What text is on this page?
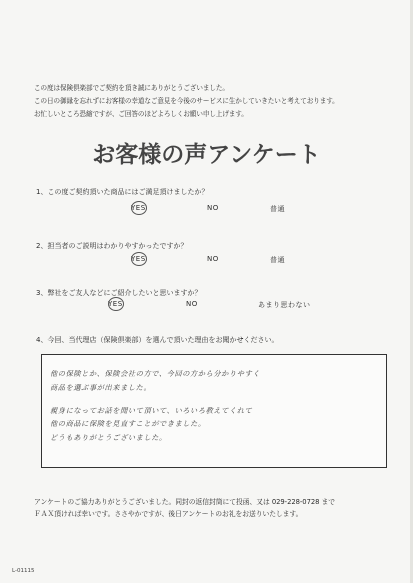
この度は保険倶楽部でご契約を頂き誠にありがとうございました。
この日の御縁を忘れずにお客様の幸道なご意見を今後のサービスに生かしていきたいと考えております。
お忙しいところ恐縮ですが、ご回答のほどよろしくお願い申し上げます。
お客様の声アンケート
1、この度ご契約頂いた商品にはご満足頂けましたか？
YES	NO	普通
2、担当者のご説明はわかりやすかったですか？
YES	NO	普通
3、弊社をご友人などにご紹介したいと思いますか？
YES	NO	あまり思わない
4、今回、当代理店（保険倶楽部）を選んで頂いた理由をお聞かせください。
他の保険とか、保険会社の方で、今回の方から分かりやすく
商品を選ぶ事が出来ました。
親身になってお話を聞いて頂いて、いろいろ教えてくれて
他の商品に保険を見直すことができました。
どうもありがとうございました。
アンケートのご協力ありがとうございました。同封の返信封筒にて投函、又は 029-228-0728 まで
ＦＡＸ頂ければ幸いです。ささやかですが、後日アンケートのお礼をお送りいたします。
L-01115
